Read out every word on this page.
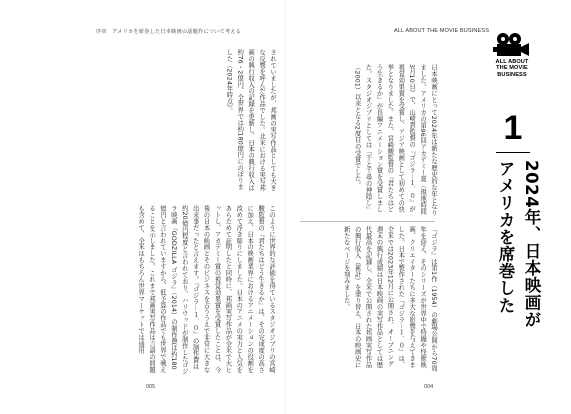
序章　アメリカを席巻した日本映画の話題作について考える
されていましたが、邦画の実写作品としても大きな反響を呼んだ作品でした。北米における実写邦画の興行収入の記録を更新し、日本の興行収入は約76・2億円、全世界では約180億円にのぼりました（2024年時点）。
このように世界的な評価を得ているスタジオジブリの宮崎駿監督の『君たちはどう生きるか』は、その完成度の高さに加え、日本の映画業界におけるアニメーションの役割を改めて浮き彫りにしました。日本のアニメの実力と人気をあらためて証明したと同時に、邦画実写作品が全米で大ヒットし、アカデミー賞の視覚効果賞を受賞したことは、今後の日本の映画とそのビジネスを占ううえで非常に大きな出来事だったと言えます。『ゴジラ－１．０』の制作費は約20億円程度と言われており、ハリウッドが制作したゴジラ映画『GODZILLA ゴジラ』（2014）の制作費は約180億円と言われていますから、低予算の作品でも世界で戦えることを示しました。これまで邦画実写作品は言語の問題も含めて、全米はもちろん世界マーケットでは通用
005
ALL ABOUT THE MOVIE BUSINESS
日本映画にとって2024年は新たな歴史的な年となりました。アメリカの第96回アカデミー賞（現地時間3月10日）で、山崎貴監督の『ゴジラ－１．０』が視覚効果賞を受賞し、アジア映画として初めての快挙となりました。また、宮崎駿監督の『君たちはどう生きるか』が長編アニメーション賞を受賞しました。スタジオジブリとしては『千と千尋の神隠し』（2001）以来となる2度目の受賞でした。
『ゴジラ』は第1作（1954）の劇場公開から70周年を迎え、そのシリーズが世界中で特撮や怪獣映画、クリエイターたちに多大な影響を与えてきました。日本で製作された『ゴジラ－１．０』は、全米では2023年12月に公開され、オープニング週末の興行成績は日本映画の実写作品としては歴代最高を記録し、全米で公開された邦画実写作品の興行収入（累計）を塗り替え、日本の映画史に新たなページを刻みました。
004
ALL ABOUT
THE MOVIE
BUSINESS
1
2024年、日本映画が
アメリカを席巻した
